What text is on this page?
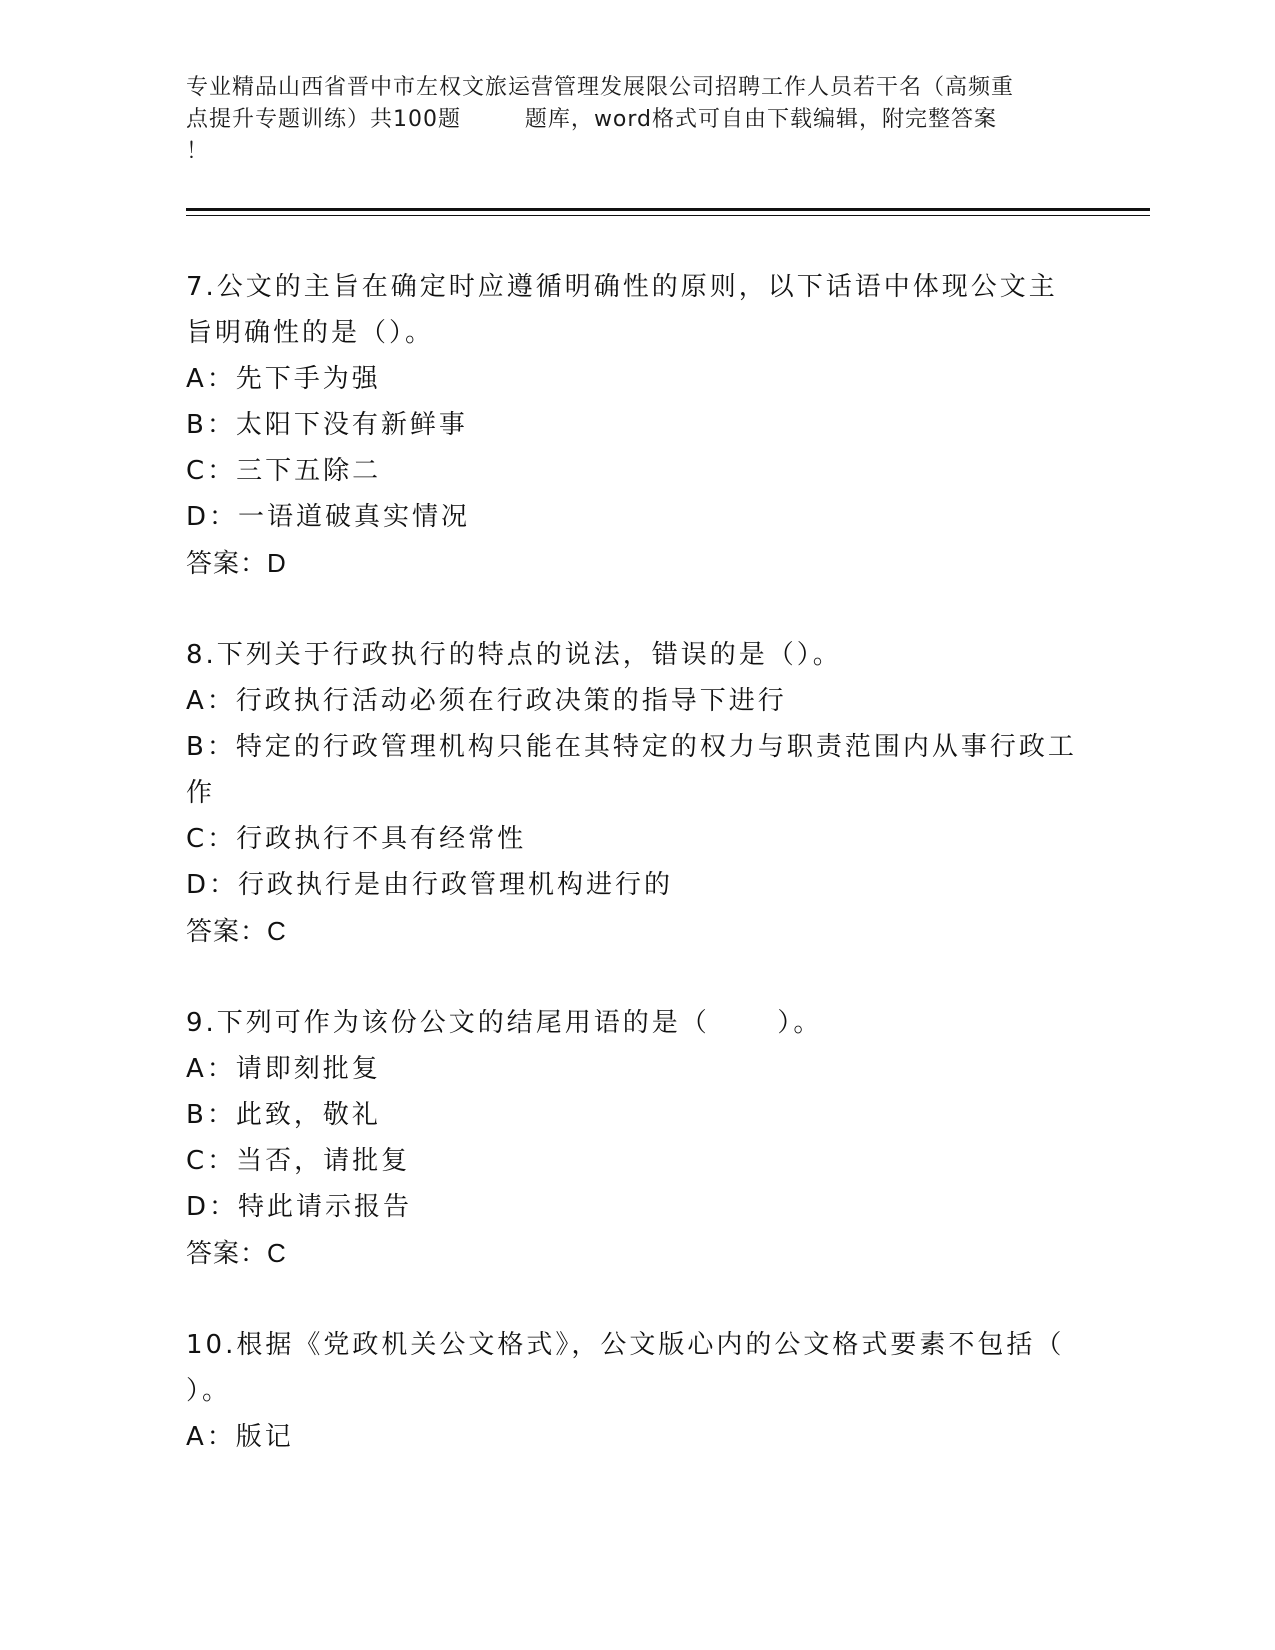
专业精品山西省晋中市左权文旅运营管理发展限公司招聘工作人员若干名（高频重
点提升专题训练）共100题        题库，word格式可自由下载编辑，附完整答案
！
7.公文的主旨在确定时应遵循明确性的原则，以下话语中体现公文主
旨明确性的是（）。
A：先下手为强
B：太阳下没有新鲜事
C：三下五除二
D：一语道破真实情况
答案：D
8.下列关于行政执行的特点的说法，错误的是（）。
A：行政执行活动必须在行政决策的指导下进行
B：特定的行政管理机构只能在其特定的权力与职责范围内从事行政工
作
C：行政执行不具有经常性
D：行政执行是由行政管理机构进行的
答案：C
9.下列可作为该份公文的结尾用语的是（      ）。
A：请即刻批复
B：此致，敬礼
C：当否，请批复
D：特此请示报告
答案：C
10.根据《党政机关公文格式》，公文版心内的公文格式要素不包括（
）。
A：版记
